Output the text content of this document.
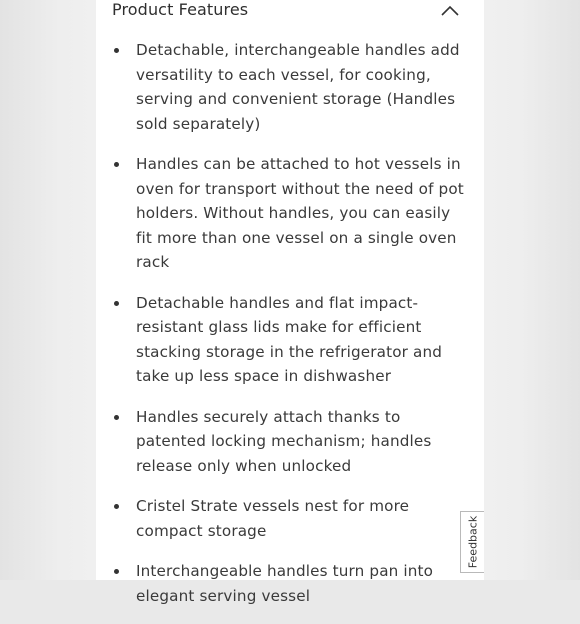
Product Features
Detachable, interchangeable handles add versatility to each vessel, for cooking, serving and convenient storage (Handles sold separately)
Handles can be attached to hot vessels in oven for transport without the need of pot holders. Without handles, you can easily fit more than one vessel on a single oven rack
Detachable handles and flat impact-resistant glass lids make for efficient stacking storage in the refrigerator and take up less space in dishwasher
Handles securely attach thanks to patented locking mechanism; handles release only when unlocked
Cristel Strate vessels nest for more compact storage
Interchangeable handles turn pan into elegant serving vessel
Feedback
